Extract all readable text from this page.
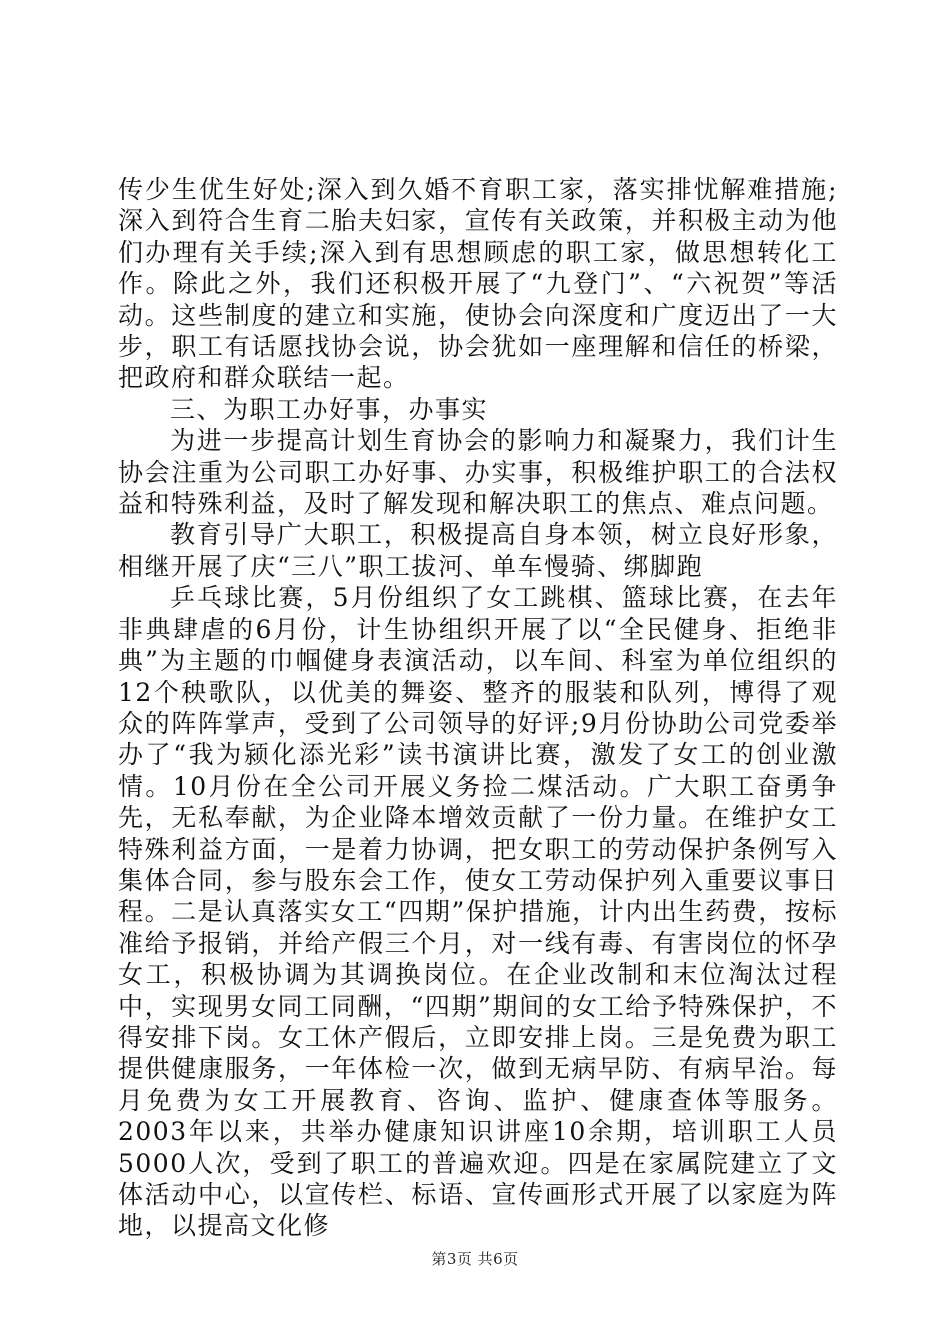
传少生优生好处;深入到久婚不育职工家，落实排忧解难措施;深入到符合生育二胎夫妇家，宣传有关政策，并积极主动为他们办理有关手续;深入到有思想顾虑的职工家，做思想转化工作。除此之外，我们还积极开展了“九登门”、“六祝贺”等活动。这些制度的建立和实施，使协会向深度和广度迈出了一大步，职工有话愿找协会说，协会犹如一座理解和信任的桥梁，把政府和群众联结一起。

三、为职工办好事，办事实

为进一步提高计划生育协会的影响力和凝聚力，我们计生协会注重为公司职工办好事、办实事，积极维护职工的合法权益和特殊利益，及时了解发现和解决职工的焦点、难点问题。

教育引导广大职工，积极提高自身本领，树立良好形象，相继开展了庆“三八”职工拔河、单车慢骑、绑脚跑

乒乓球比赛，5月份组织了女工跳棋、篮球比赛，在去年非典肆虐的6月份，计生协组织开展了以“全民健身、拒绝非典”为主题的巾帼健身表演活动，以车间、科室为单位组织的12个秧歌队，以优美的舞姿、整齐的服装和队列，博得了观众的阵阵掌声，受到了公司领导的好评;9月份协助公司党委举办了“我为颍化添光彩”读书演讲比赛，激发了女工的创业激情。10月份在全公司开展义务捡二煤活动。广大职工奋勇争先，无私奉献，为企业降本增效贡献了一份力量。在维护女工特殊利益方面，一是着力协调，把女职工的劳动保护条例写入集体合同，参与股东会工作，使女工劳动保护列入重要议事日程。二是认真落实女工“四期”保护措施，计内出生药费，按标准给予报销，并给产假三个月，对一线有毒、有害岗位的怀孕女工，积极协调为其调换岗位。在企业改制和末位淘汰过程中，实现男女同工同酬，“四期”期间的女工给予特殊保护，不得安排下岗。女工休产假后，立即安排上岗。三是免费为职工提供健康服务，一年体检一次，做到无病早防、有病早治。每月免费为女工开展教育、咨询、监护、健康查体等服务。2003年以来，共举办健康知识讲座10余期，培训职工人员5000人次，受到了职工的普遍欢迎。四是在家属院建立了文体活动中心，以宣传栏、标语、宣传画形式开展了以家庭为阵地，以提高文化修

第3页 共6页
